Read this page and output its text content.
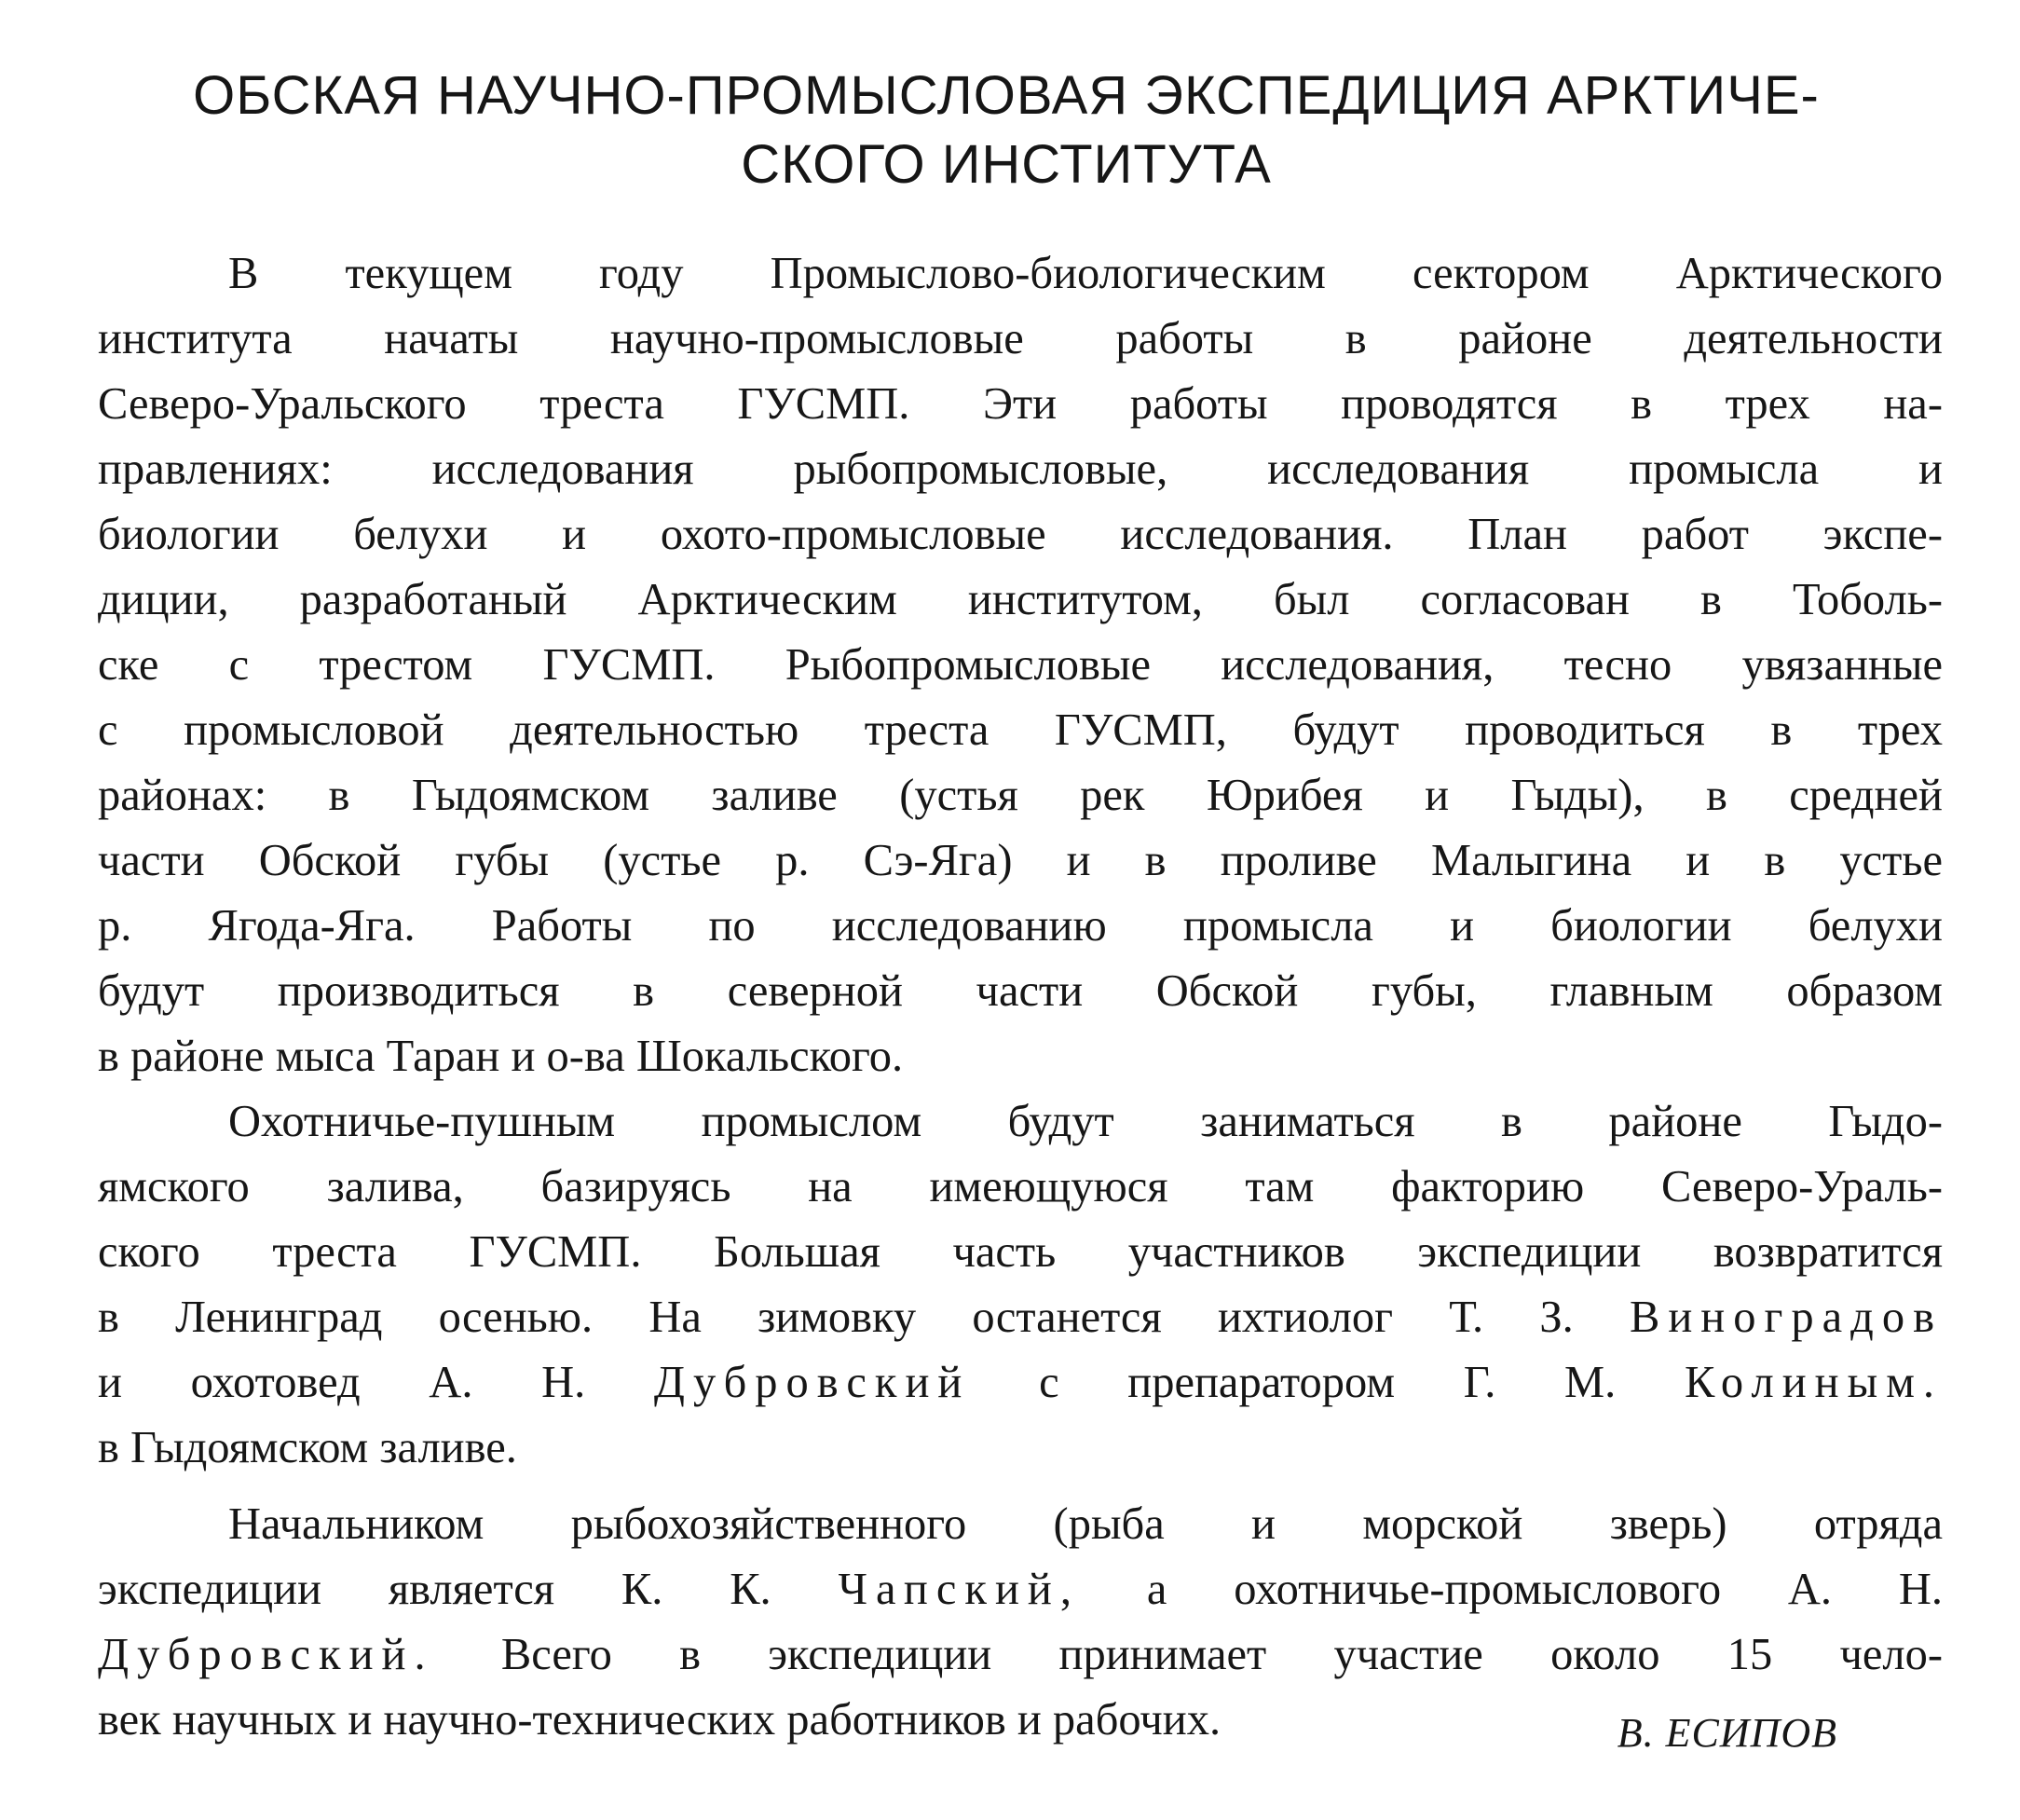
ОБСКАЯ НАУЧНО-ПРОМЫСЛОВАЯ ЭКСПЕДИЦИЯ АРКТИЧЕ-
СКОГО ИНСТИТУТА
В текущем году Промыслово-биологическим сектором Арктического
института начаты научно-промысловые работы в районе деятельности
Северо-Уральского треста ГУСМП. Эти работы проводятся в трех на-
правлениях: исследования рыбопромысловые, исследования промысла и
биологии белухи и охото-промысловые исследования. План работ экспе-
диции, разработаный Арктическим институтом, был согласован в Тоболь-
ске с трестом ГУСМП. Рыбопромысловые исследования, тесно увязанные
с промысловой деятельностью треста ГУСМП, будут проводиться в трех
районах: в Гыдоямском заливе (устья рек Юрибея и Гыды), в средней
части Обской губы (устье р. Сэ-Яга) и в проливе Малыгина и в устье
р. Ягода-Яга. Работы по исследованию промысла и биологии белухи
будут производиться в северной части Обской губы, главным образом
в районе мыса Таран и о-ва Шокальского.
Охотничье-пушным промыслом будут заниматься в районе Гыдо-
ямского залива, базируясь на имеющуюся там факторию Северо-Ураль-
ского треста ГУСМП. Большая часть участников экспедиции возвратится
в Ленинград осенью. На зимовку останется ихтиолог Т. З. Виноградов
и охотовед А. Н. Дубровский с препаратором Г. М. Колиным.
в Гыдоямском заливе.
Начальником рыбохозяйственного (рыба и морской зверь) отряда
экспедиции является К. К. Чапский, а охотничье-промыслового А. Н.
Дубровский. Всего в экспедиции принимает участие около 15 чело-
век научных и научно-технических работников и рабочих.	В. ЕСИПОВ
